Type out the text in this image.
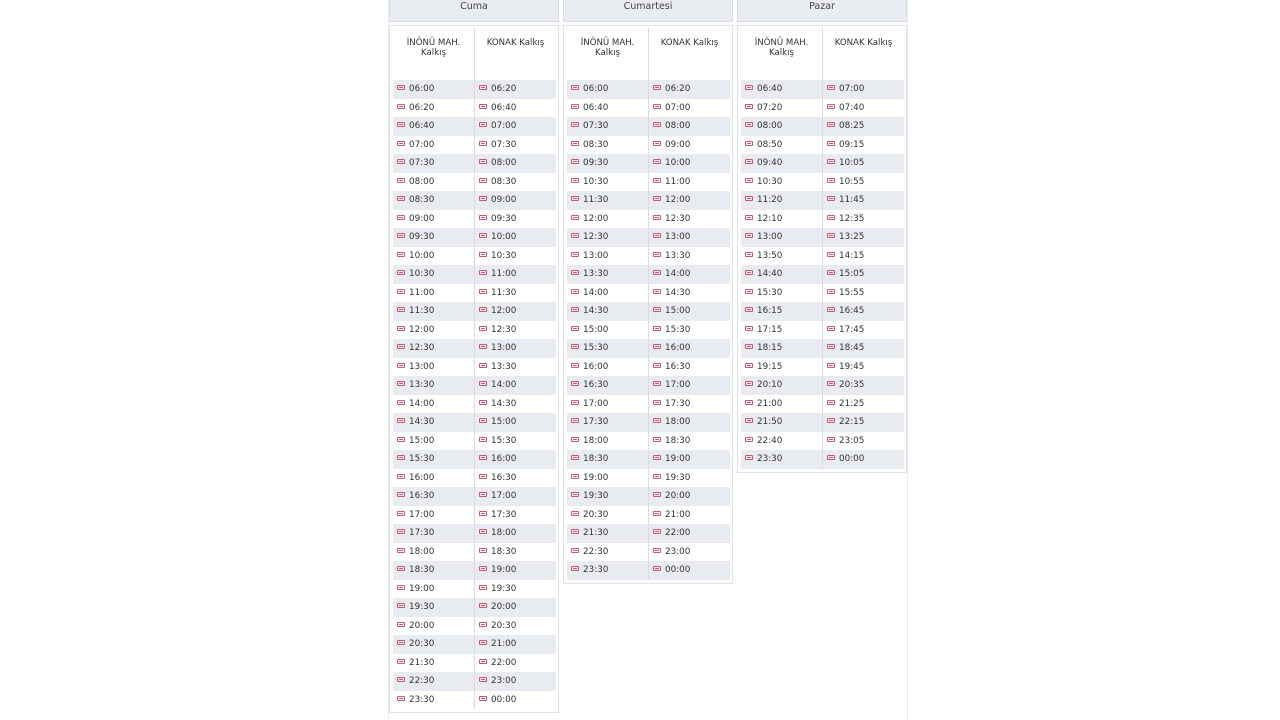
Cuma
İNÖNÜ MAH. Kalkış	KONAK Kalkış
06:00	06:20
06:20	06:40
06:40	07:00
07:00	07:30
07:30	08:00
08:00	08:30
08:30	09:00
09:00	09:30
09:30	10:00
10:00	10:30
10:30	11:00
11:00	11:30
11:30	12:00
12:00	12:30
12:30	13:00
13:00	13:30
13:30	14:00
14:00	14:30
14:30	15:00
15:00	15:30
15:30	16:00
16:00	16:30
16:30	17:00
17:00	17:30
17:30	18:00
18:00	18:30
18:30	19:00
19:00	19:30
19:30	20:00
20:00	20:30
20:30	21:00
21:30	22:00
22:30	23:00
23:30	00:00
Cumartesi
İNÖNÜ MAH. Kalkış	KONAK Kalkış
06:00	06:20
06:40	07:00
07:30	08:00
08:30	09:00
09:30	10:00
10:30	11:00
11:30	12:00
12:00	12:30
12:30	13:00
13:00	13:30
13:30	14:00
14:00	14:30
14:30	15:00
15:00	15:30
15:30	16:00
16:00	16:30
16:30	17:00
17:00	17:30
17:30	18:00
18:00	18:30
18:30	19:00
19:00	19:30
19:30	20:00
20:30	21:00
21:30	22:00
22:30	23:00
23:30	00:00
Pazar
İNÖNÜ MAH. Kalkış	KONAK Kalkış
06:40	07:00
07:20	07:40
08:00	08:25
08:50	09:15
09:40	10:05
10:30	10:55
11:20	11:45
12:10	12:35
13:00	13:25
13:50	14:15
14:40	15:05
15:30	15:55
16:15	16:45
17:15	17:45
18:15	18:45
19:15	19:45
20:10	20:35
21:00	21:25
21:50	22:15
22:40	23:05
23:30	00:00
